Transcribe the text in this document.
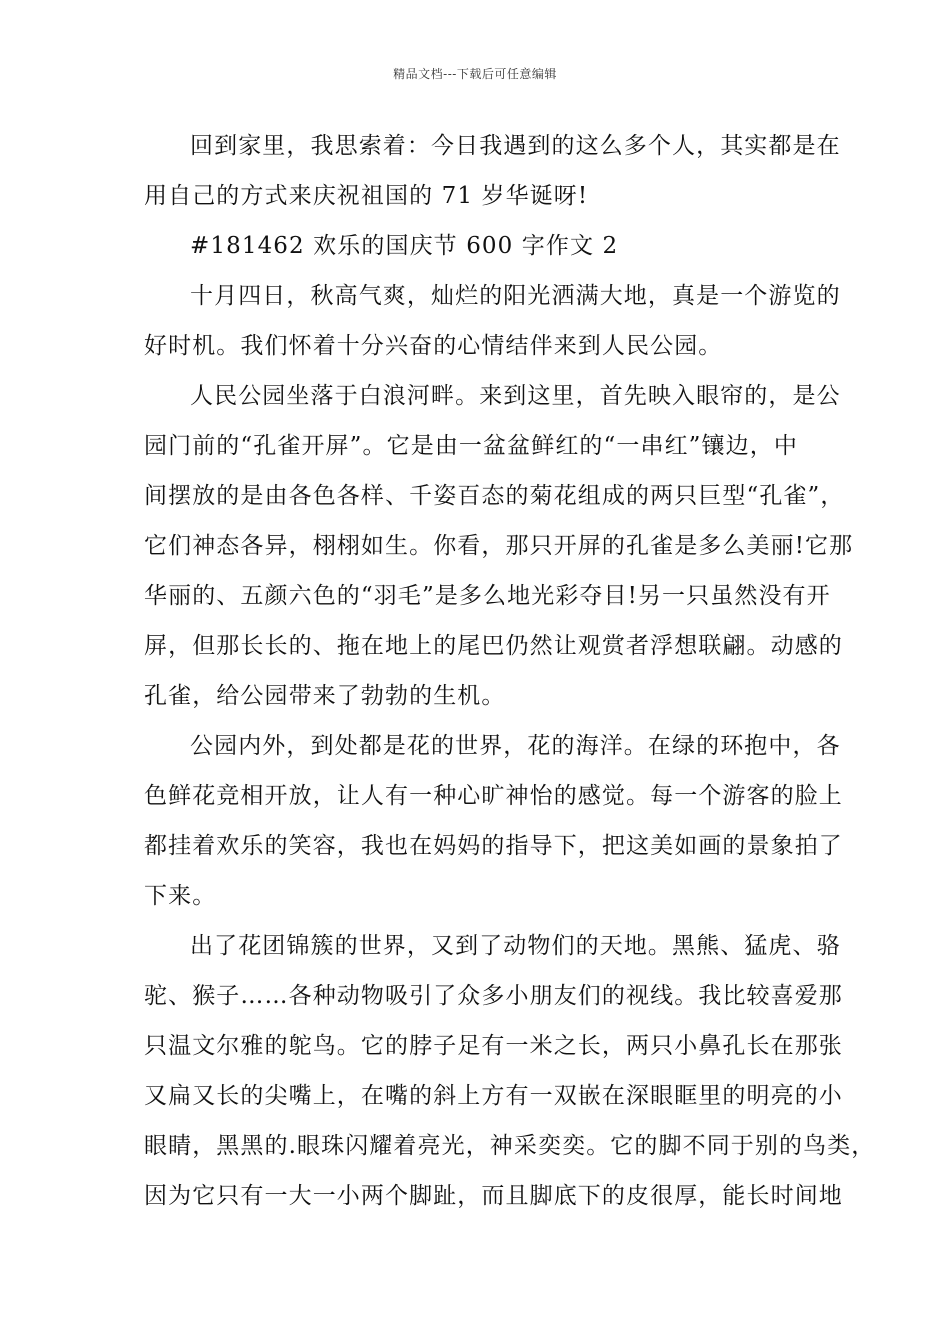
精品文档---下载后可任意编辑
回到家里，我思索着：今日我遇到的这么多个人，其实都是在
用自己的方式来庆祝祖国的 71 岁华诞呀!
#181462 欢乐的国庆节 600 字作文 2
十月四日，秋高气爽，灿烂的阳光洒满大地，真是一个游览的
好时机。我们怀着十分兴奋的心情结伴来到人民公园。
人民公园坐落于白浪河畔。来到这里，首先映入眼帘的，是公
园门前的“孔雀开屏”。它是由一盆盆鲜红的“一串红”镶边，中
间摆放的是由各色各样、千姿百态的菊花组成的两只巨型“孔雀”，
它们神态各异，栩栩如生。你看，那只开屏的孔雀是多么美丽!它那
华丽的、五颜六色的“羽毛”是多么地光彩夺目!另一只虽然没有开
屏，但那长长的、拖在地上的尾巴仍然让观赏者浮想联翩。动感的
孔雀，给公园带来了勃勃的生机。
公园内外，到处都是花的世界，花的海洋。在绿的环抱中，各
色鲜花竞相开放，让人有一种心旷神怡的感觉。每一个游客的脸上
都挂着欢乐的笑容，我也在妈妈的指导下，把这美如画的景象拍了
下来。
出了花团锦簇的世界，又到了动物们的天地。黑熊、猛虎、骆
驼、猴子……各种动物吸引了众多小朋友们的视线。我比较喜爱那
只温文尔雅的鸵鸟。它的脖子足有一米之长，两只小鼻孔长在那张
又扁又长的尖嘴上，在嘴的斜上方有一双嵌在深眼眶里的明亮的小
眼睛，黑黑的.眼珠闪耀着亮光，神采奕奕。它的脚不同于别的鸟类，
因为它只有一大一小两个脚趾，而且脚底下的皮很厚，能长时间地
